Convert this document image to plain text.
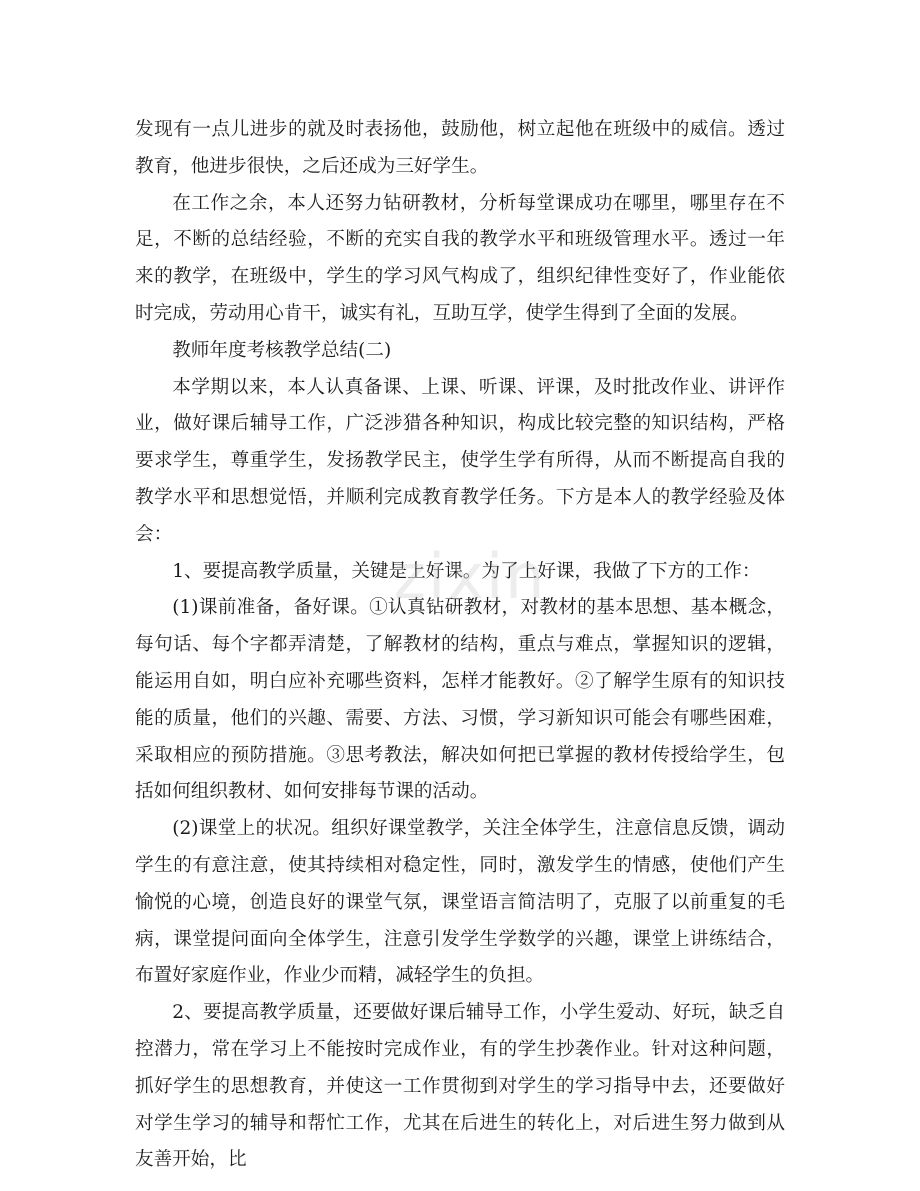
发现有一点儿进步的就及时表扬他，鼓励他，树立起他在班级中的威信。透过教育，他进步很快，之后还成为三好学生。

在工作之余，本人还努力钻研教材，分析每堂课成功在哪里，哪里存在不足，不断的总结经验，不断的充实自我的教学水平和班级管理水平。透过一年来的教学，在班级中，学生的学习风气构成了，组织纪律性变好了，作业能依时完成，劳动用心肯干，诚实有礼，互助互学，使学生得到了全面的发展。

教师年度考核教学总结(二)

本学期以来，本人认真备课、上课、听课、评课，及时批改作业、讲评作业，做好课后辅导工作，广泛涉猎各种知识，构成比较完整的知识结构，严格要求学生，尊重学生，发扬教学民主，使学生学有所得，从而不断提高自我的教学水平和思想觉悟，并顺利完成教育教学任务。下方是本人的教学经验及体会：

1、要提高教学质量，关键是上好课。为了上好课，我做了下方的工作：

(1)课前准备，备好课。①认真钻研教材，对教材的基本思想、基本概念，每句话、每个字都弄清楚，了解教材的结构，重点与难点，掌握知识的逻辑，能运用自如，明白应补充哪些资料，怎样才能教好。②了解学生原有的知识技能的质量，他们的兴趣、需要、方法、习惯，学习新知识可能会有哪些困难，采取相应的预防措施。③思考教法，解决如何把已掌握的教材传授给学生，包括如何组织教材、如何安排每节课的活动。

(2)课堂上的状况。组织好课堂教学，关注全体学生，注意信息反馈，调动学生的有意注意，使其持续相对稳定性，同时，激发学生的情感，使他们产生愉悦的心境，创造良好的课堂气氛，课堂语言简洁明了，克服了以前重复的毛病，课堂提问面向全体学生，注意引发学生学数学的兴趣，课堂上讲练结合，布置好家庭作业，作业少而精，减轻学生的负担。

2、要提高教学质量，还要做好课后辅导工作，小学生爱动、好玩，缺乏自控潜力，常在学习上不能按时完成作业，有的学生抄袭作业。针对这种问题，抓好学生的思想教育，并使这一工作贯彻到对学生的学习指导中去，还要做好对学生学习的辅导和帮忙工作，尤其在后进生的转化上，对后进生努力做到从友善开始，比

zixin
